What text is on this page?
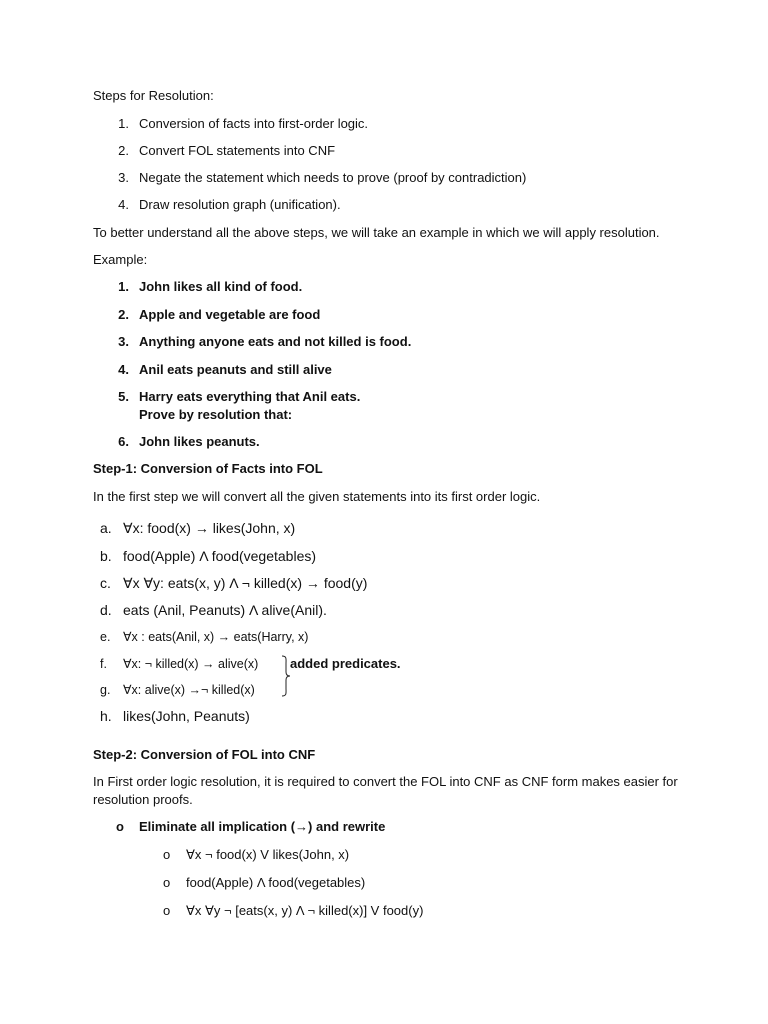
Steps for Resolution:
1. Conversion of facts into first-order logic.
2. Convert FOL statements into CNF
3. Negate the statement which needs to prove (proof by contradiction)
4. Draw resolution graph (unification).
To better understand all the above steps, we will take an example in which we will apply resolution.
Example:
1. John likes all kind of food.
2. Apple and vegetable are food
3. Anything anyone eats and not killed is food.
4. Anil eats peanuts and still alive
5. Harry eats everything that Anil eats.
Prove by resolution that:
6. John likes peanuts.
Step-1: Conversion of Facts into FOL
In the first step we will convert all the given statements into its first order logic.
a. ∀x: food(x) → likes(John, x)
b. food(Apple) Λ food(vegetables)
c. ∀x ∀y: eats(x, y) Λ ¬ killed(x) → food(y)
d. eats (Anil, Peanuts) Λ alive(Anil).
e. ∀x : eats(Anil, x) → eats(Harry, x)
f.	∀x: ¬ killed(x) → alive(x)
g. ∀x: alive(x) →¬ killed(x)
added predicates.
h. likes(John, Peanuts)
Step-2: Conversion of FOL into CNF
In First order logic resolution, it is required to convert the FOL into CNF as CNF form makes easier for resolution proofs.
o Eliminate all implication (→) and rewrite
o ∀x ¬ food(x) V likes(John, x)
o food(Apple) Λ food(vegetables)
o ∀x ∀y ¬ [eats(x, y) Λ ¬ killed(x)] V food(y)
